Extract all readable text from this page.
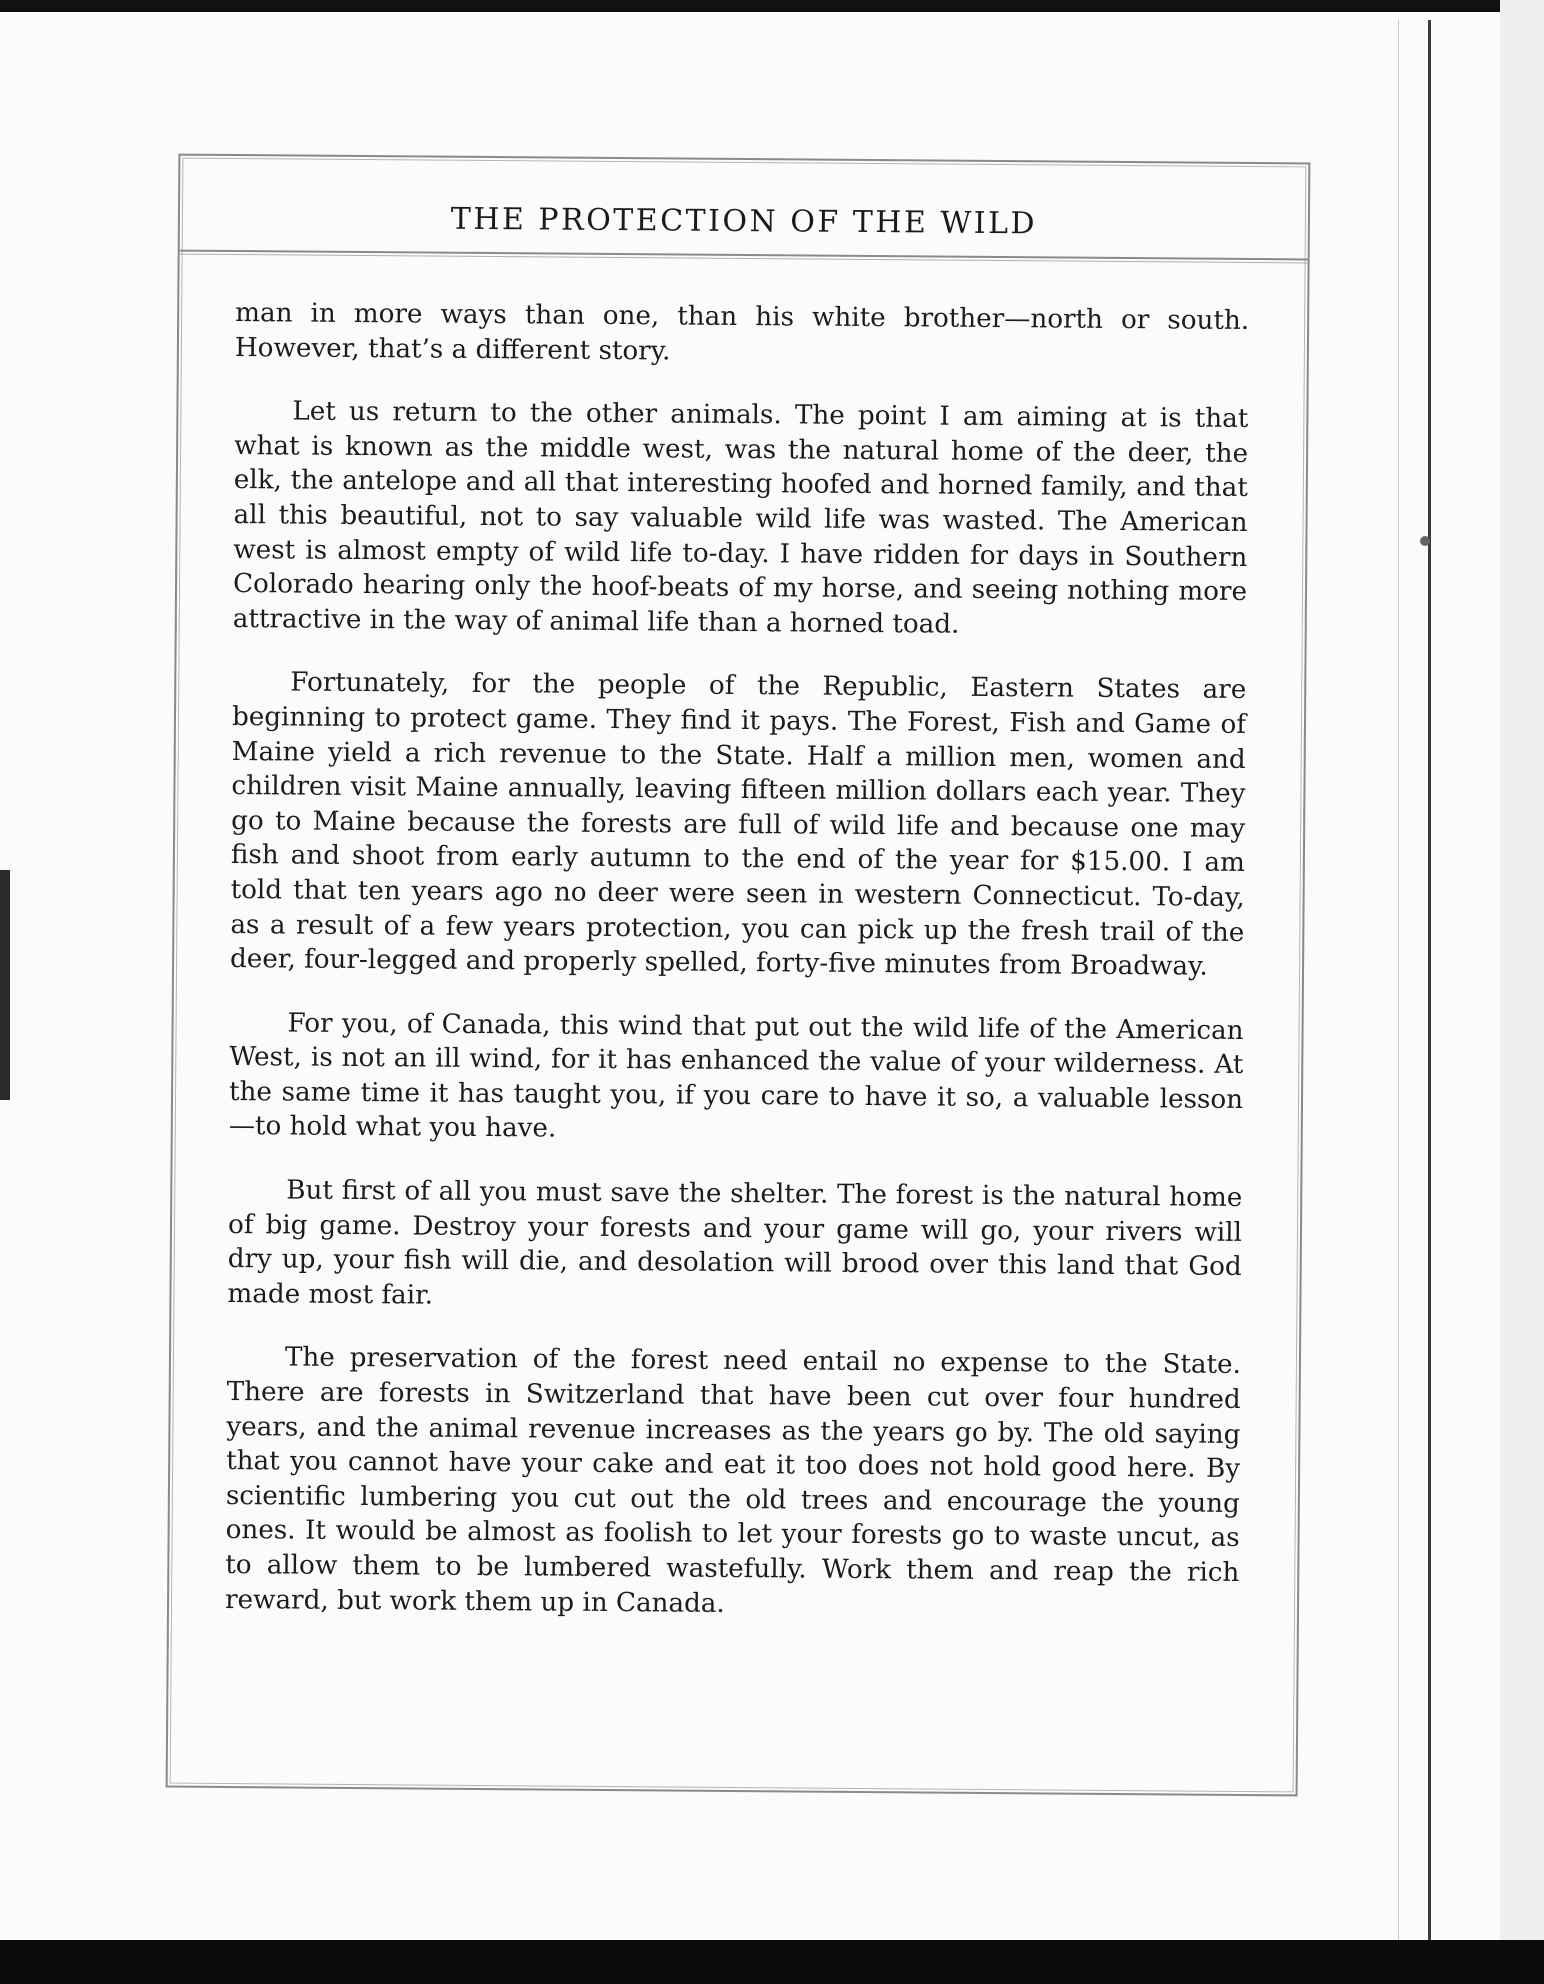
THE PROTECTION OF THE WILD

man in more ways than one, than his white brother—north or south. However, that’s a different story.

Let us return to the other animals. The point I am aiming at is that what is known as the middle west, was the natural home of the deer, the elk, the antelope and all that interesting hoofed and horned family, and that all this beautiful, not to say valuable wild life was wasted. The American west is almost empty of wild life to-day. I have ridden for days in Southern Colorado hearing only the hoof-beats of my horse, and seeing nothing more attractive in the way of animal life than a horned toad.

Fortunately, for the people of the Republic, Eastern States are beginning to protect game. They find it pays. The Forest, Fish and Game of Maine yield a rich revenue to the State. Half a million men, women and children visit Maine annually, leaving fifteen million dollars each year. They go to Maine because the forests are full of wild life and because one may fish and shoot from early autumn to the end of the year for $15.00. I am told that ten years ago no deer were seen in western Connecticut. To-day, as a result of a few years protection, you can pick up the fresh trail of the deer, four-legged and properly spelled, forty-five minutes from Broadway.

For you, of Canada, this wind that put out the wild life of the American West, is not an ill wind, for it has enhanced the value of your wilderness. At the same time it has taught you, if you care to have it so, a valuable lesson—to hold what you have.

But first of all you must save the shelter. The forest is the natural home of big game. Destroy your forests and your game will go, your rivers will dry up, your fish will die, and desolation will brood over this land that God made most fair.

The preservation of the forest need entail no expense to the State. There are forests in Switzerland that have been cut over four hundred years, and the animal revenue increases as the years go by. The old saying that you cannot have your cake and eat it too does not hold good here. By scientific lumbering you cut out the old trees and encourage the young ones. It would be almost as foolish to let your forests go to waste uncut, as to allow them to be lumbered wastefully. Work them and reap the rich reward, but work them up in Canada.
